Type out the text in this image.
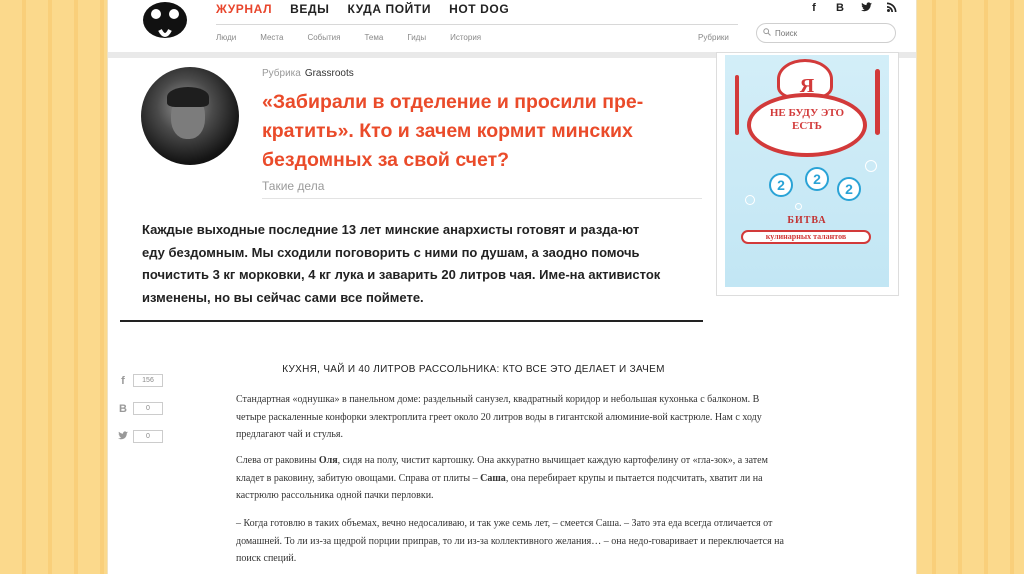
ЖУРНАЛ ВЕДЫ КУДА ПОЙТИ HOT DOG
Люди	Места	События	Тема	Гиды	История	Рубрики
f	B
Поиск
Рубрика Grassroots
«Забирали в отделение и просили пре-кратить». Кто и зачем кормит минских бездомных за свой счет?
Такие дела

Каждые выходные последние 13 лет минские анархисты готовят и разда-ют еду бездомным. Мы сходили поговорить с ними по душам, а заодно помочь почистить 3 кг морковки, 4 кг лука и заварить 20 литров чая. Име-на активисток изменены, но вы сейчас сами все поймете.

Я
НЕ БУДУ ЭТО
ЕСТЬ
2	2
2
БИТВА
кулинарных талантов
f	156
B	0
0
КУХНЯ, ЧАЙ И 40 ЛИТРОВ РАССОЛЬНИКА: КТО ВСЕ ЭТО ДЕЛАЕТ И ЗАЧЕМ

Стандартная «однушка» в панельном доме: раздельный санузел, квадратный коридор и небольшая кухонька с балконом. В четыре раскаленные конфорки электроплита греет около 20 литров воды в гигантской алюминие-вой кастрюле. Нам с ходу предлагают чай и стулья.

Слева от раковины Оля, сидя на полу, чистит картошку. Она аккуратно вычищает каждую картофелину от «гла-зок», а затем кладет в раковину, забитую овощами. Справа от плиты – Саша, она перебирает крупы и пытается подсчитать, хватит ли на кастрюлю рассольника одной пачки перловки.

– Когда готовлю в таких объемах, вечно недосаливаю, и так уже семь лет, – смеется Саша. – Зато эта еда всегда отличается от домашней. То ли из-за щедрой порции приправ, то ли из-за коллективного желания… – она недо-говаривает и переключается на поиск специй.
